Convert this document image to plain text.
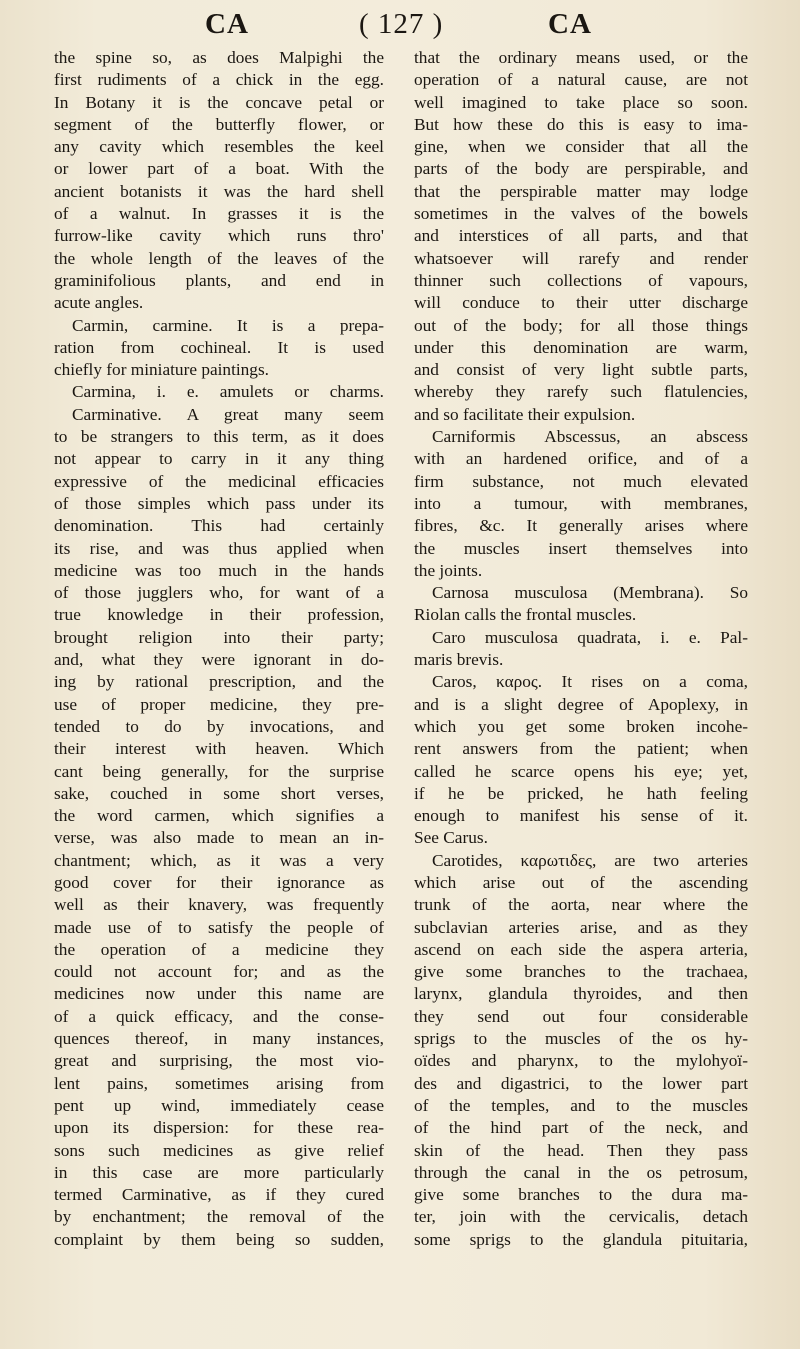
CA	( 127 )	CA
the spine so, as does Malpighi the
first rudiments of a chick in the egg.
In Botany it is the concave petal or
segment of the butterfly flower, or
any cavity which resembles the keel
or lower part of a boat. With the
ancient botanists it was the hard shell
of a walnut. In grasses it is the
furrow-like cavity which runs thro'
the whole length of the leaves of the
graminifolious plants, and end in
acute angles.
Carmin, carmine. It is a prepa-
ration from cochineal. It is used
chiefly for miniature paintings.
Carmina, i. e. amulets or charms.
Carminative. A great many seem
to be strangers to this term, as it does
not appear to carry in it any thing
expressive of the medicinal efficacies
of those simples which pass under its
denomination. This had certainly
its rise, and was thus applied when
medicine was too much in the hands
of those jugglers who, for want of a
true knowledge in their profession,
brought religion into their party;
and, what they were ignorant in do-
ing by rational prescription, and the
use of proper medicine, they pre-
tended to do by invocations, and
their interest with heaven. Which
cant being generally, for the surprise
sake, couched in some short verses,
the word carmen, which signifies a
verse, was also made to mean an in-
chantment; which, as it was a very
good cover for their ignorance as
well as their knavery, was frequently
made use of to satisfy the people of
the operation of a medicine they
could not account for; and as the
medicines now under this name are
of a quick efficacy, and the conse-
quences thereof, in many instances,
great and surprising, the most vio-
lent pains, sometimes arising from
pent up wind, immediately cease
upon its dispersion: for these rea-
sons such medicines as give relief
in this case are more particularly
termed Carminative, as if they cured
by enchantment; the removal of the
complaint by them being so sudden,
that the ordinary means used, or the
operation of a natural cause, are not
well imagined to take place so soon.
But how these do this is easy to ima-
gine, when we consider that all the
parts of the body are perspirable, and
that the perspirable matter may lodge
sometimes in the valves of the bowels
and interstices of all parts, and that
whatsoever will rarefy and render
thinner such collections of vapours,
will conduce to their utter discharge
out of the body; for all those things
under this denomination are warm,
and consist of very light subtle parts,
whereby they rarefy such flatulencies,
and so facilitate their expulsion.
Carniformis Abscessus, an abscess
with an hardened orifice, and of a
firm substance, not much elevated
into a tumour, with membranes,
fibres, &c. It generally arises where
the muscles insert themselves into
the joints.
Carnosa musculosa (Membrana). So
Riolan calls the frontal muscles.
Caro musculosa quadrata, i. e. Pal-
maris brevis.
Caros, καρος. It rises on a coma,
and is a slight degree of Apoplexy, in
which you get some broken incohe-
rent answers from the patient; when
called he scarce opens his eye; yet,
if he be pricked, he hath feeling
enough to manifest his sense of it.
See Carus.
Carotides, καρωτιδες, are two arteries
which arise out of the ascending
trunk of the aorta, near where the
subclavian arteries arise, and as they
ascend on each side the aspera arteria,
give some branches to the trachaea,
larynx, glandula thyroides, and then
they send out four considerable
sprigs to the muscles of the os hy-
oïdes and pharynx, to the mylohyoï-
des and digastrici, to the lower part
of the temples, and to the muscles
of the hind part of the neck, and
skin of the head. Then they pass
through the canal in the os petrosum,
give some branches to the dura ma-
ter, join with the cervicalis, detach
some sprigs to the glandula pituitaria,
